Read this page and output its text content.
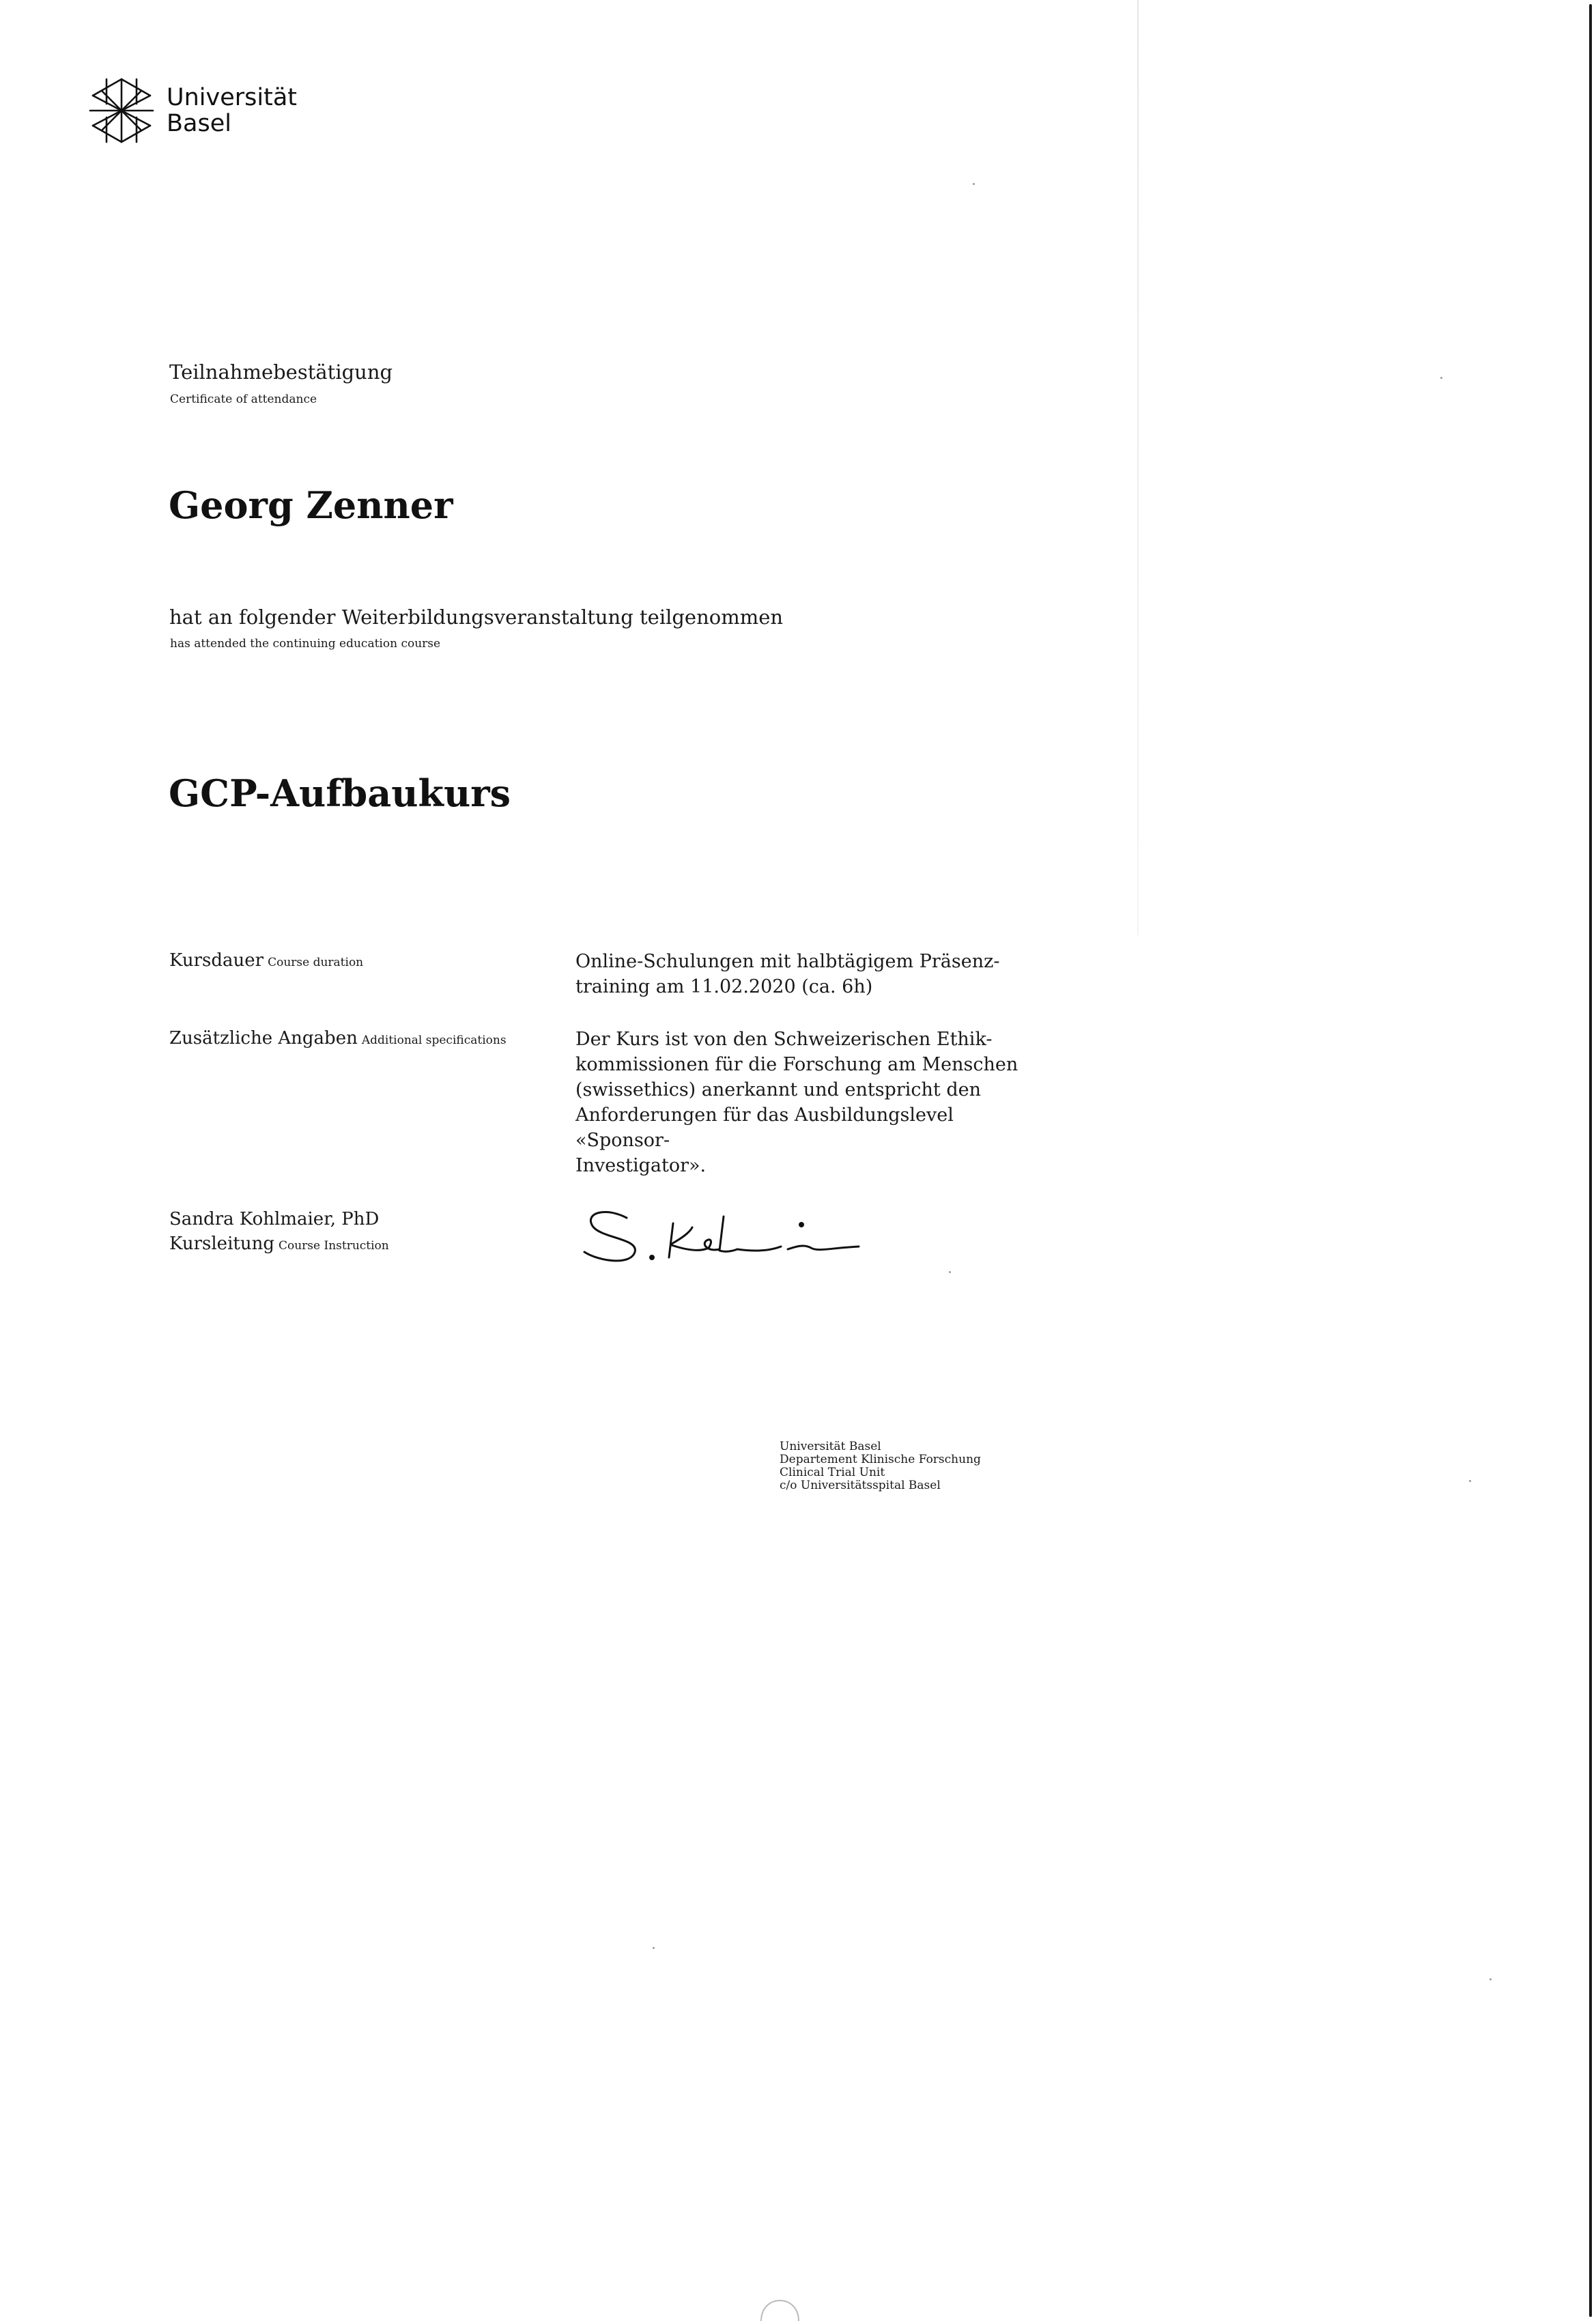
Universität
Basel
Teilnahmebestätigung
Certificate of attendance
Georg Zenner
hat an folgender Weiterbildungsveranstaltung teilgenommen
has attended the continuing education course
GCP-Aufbaukurs
Kursdauer Course duration	Online-Schulungen mit halbtägigem Präsenz-
training am 11.02.2020 (ca. 6h)
Zusätzliche Angaben Additional specifications	Der Kurs ist von den Schweizerischen Ethik-
kommissionen für die Forschung am Menschen
(swissethics) anerkannt und entspricht den
Anforderungen für das Ausbildungslevel «Sponsor-
Investigator».
Sandra Kohlmaier, PhD
Kursleitung Course Instruction
Universität Basel
Departement Klinische Forschung
Clinical Trial Unit
c/o Universitätsspital Basel
